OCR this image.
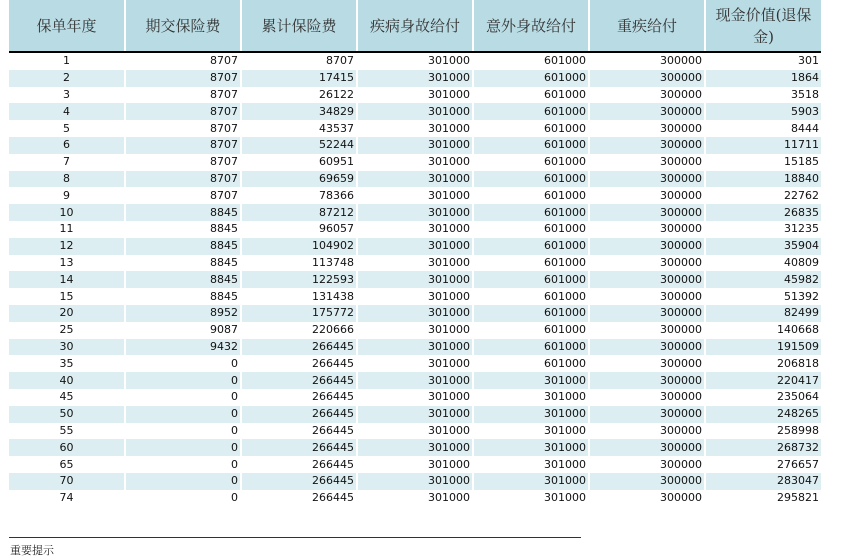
保单年度	期交保险费	累计保险费	疾病身故给付	意外身故给付	重疾给付	现金价值(退保金)
1	8707	8707	301000	601000	300000	301
2	8707	17415	301000	601000	300000	1864
3	8707	26122	301000	601000	300000	3518
4	8707	34829	301000	601000	300000	5903
5	8707	43537	301000	601000	300000	8444
6	8707	52244	301000	601000	300000	11711
7	8707	60951	301000	601000	300000	15185
8	8707	69659	301000	601000	300000	18840
9	8707	78366	301000	601000	300000	22762
10	8845	87212	301000	601000	300000	26835
11	8845	96057	301000	601000	300000	31235
12	8845	104902	301000	601000	300000	35904
13	8845	113748	301000	601000	300000	40809
14	8845	122593	301000	601000	300000	45982
15	8845	131438	301000	601000	300000	51392
20	8952	175772	301000	601000	300000	82499
25	9087	220666	301000	601000	300000	140668
30	9432	266445	301000	601000	300000	191509
35	0	266445	301000	601000	300000	206818
40	0	266445	301000	301000	300000	220417
45	0	266445	301000	301000	300000	235064
50	0	266445	301000	301000	300000	248265
55	0	266445	301000	301000	300000	258998
60	0	266445	301000	301000	300000	268732
65	0	266445	301000	301000	300000	276657
70	0	266445	301000	301000	300000	283047
74	0	266445	301000	301000	300000	295821
重要提示
